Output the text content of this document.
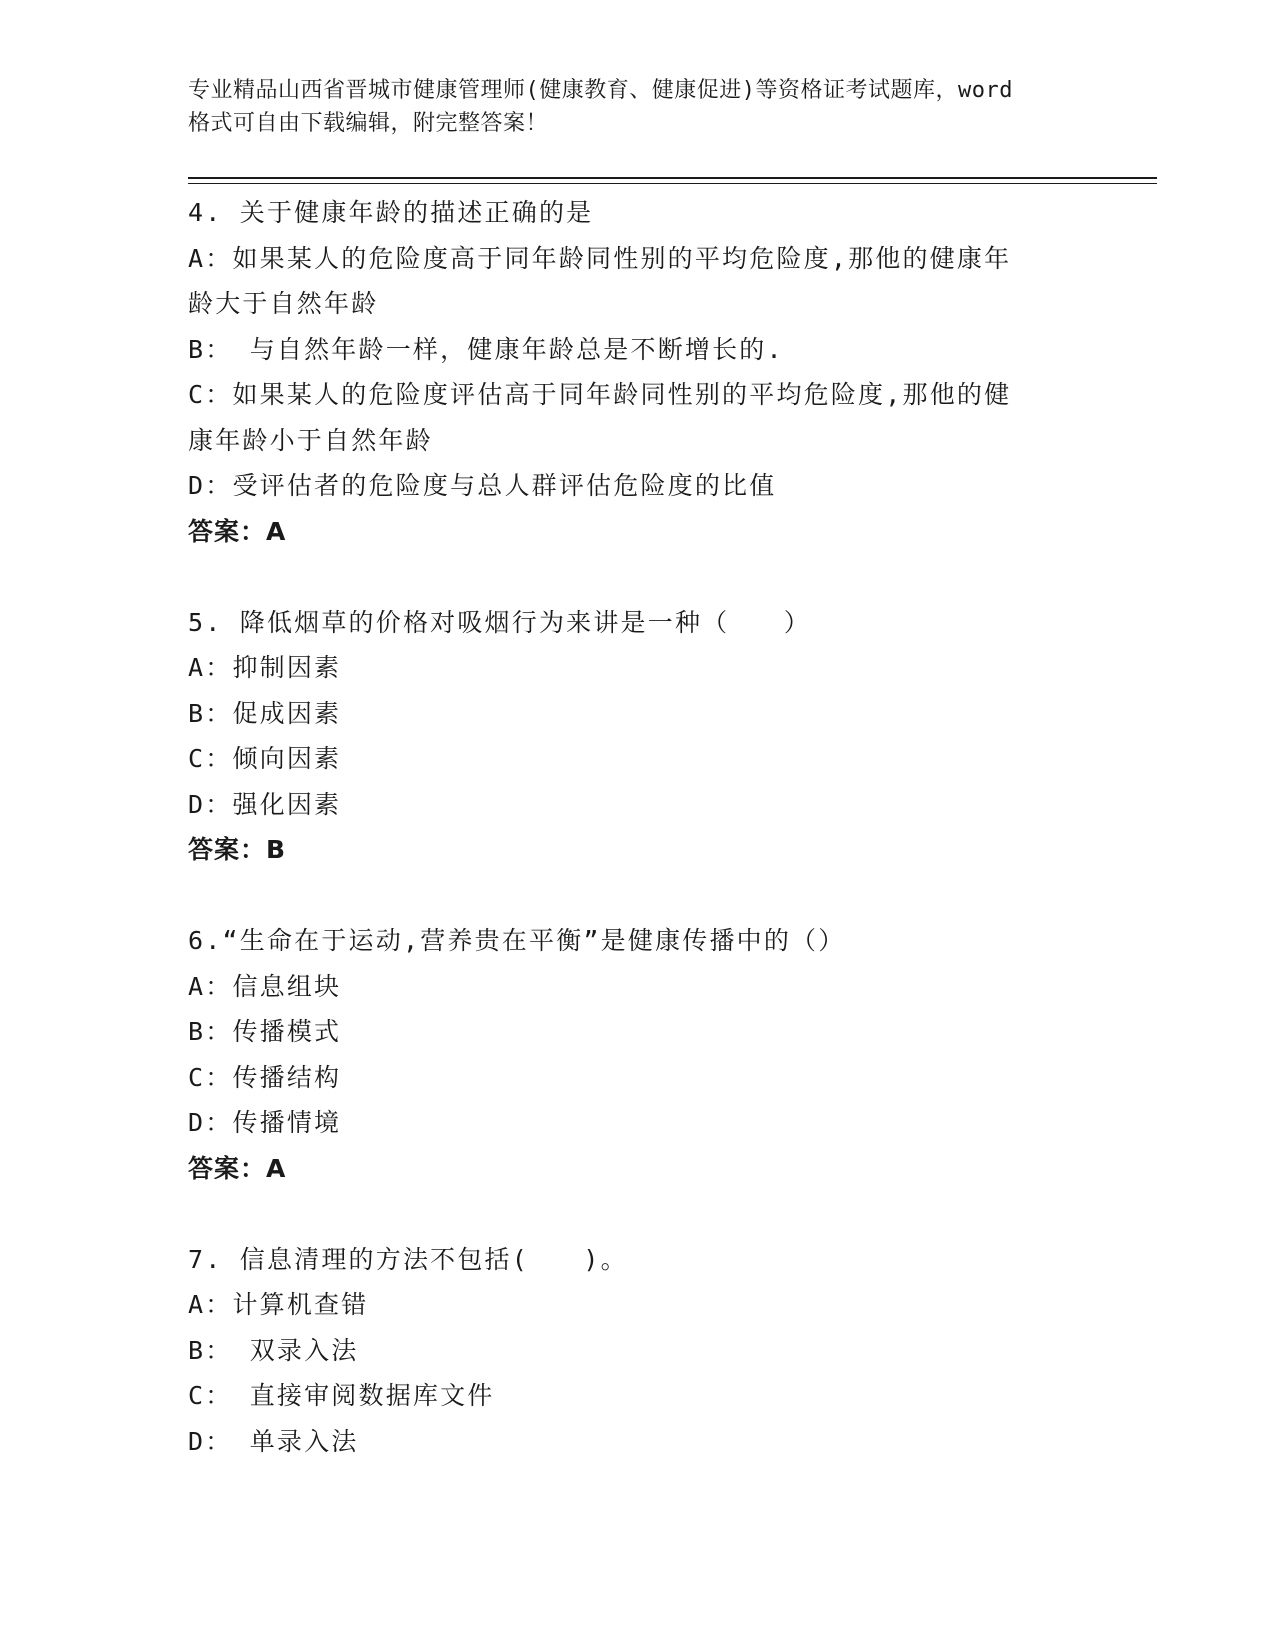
专业精品山西省晋城市健康管理师(健康教育、健康促进)等资格证考试题库，word
格式可自由下载编辑，附完整答案！
4. 关于健康年龄的描述正确的是
A：如果某人的危险度高于同年龄同性别的平均危险度,那他的健康年
龄大于自然年龄
B： 与自然年龄一样，健康年龄总是不断增长的.
C：如果某人的危险度评估高于同年龄同性别的平均危险度,那他的健
康年龄小于自然年龄
D：受评估者的危险度与总人群评估危险度的比值
答案：A
5. 降低烟草的价格对吸烟行为来讲是一种（　　）
A：抑制因素
B：促成因素
C：倾向因素
D：强化因素
答案：B
6.“生命在于运动,营养贵在平衡”是健康传播中的（）
A：信息组块
B：传播模式
C：传播结构
D：传播情境
答案：A
7. 信息清理的方法不包括(　　)。
A：计算机查错
B： 双录入法
C： 直接审阅数据库文件
D： 单录入法
